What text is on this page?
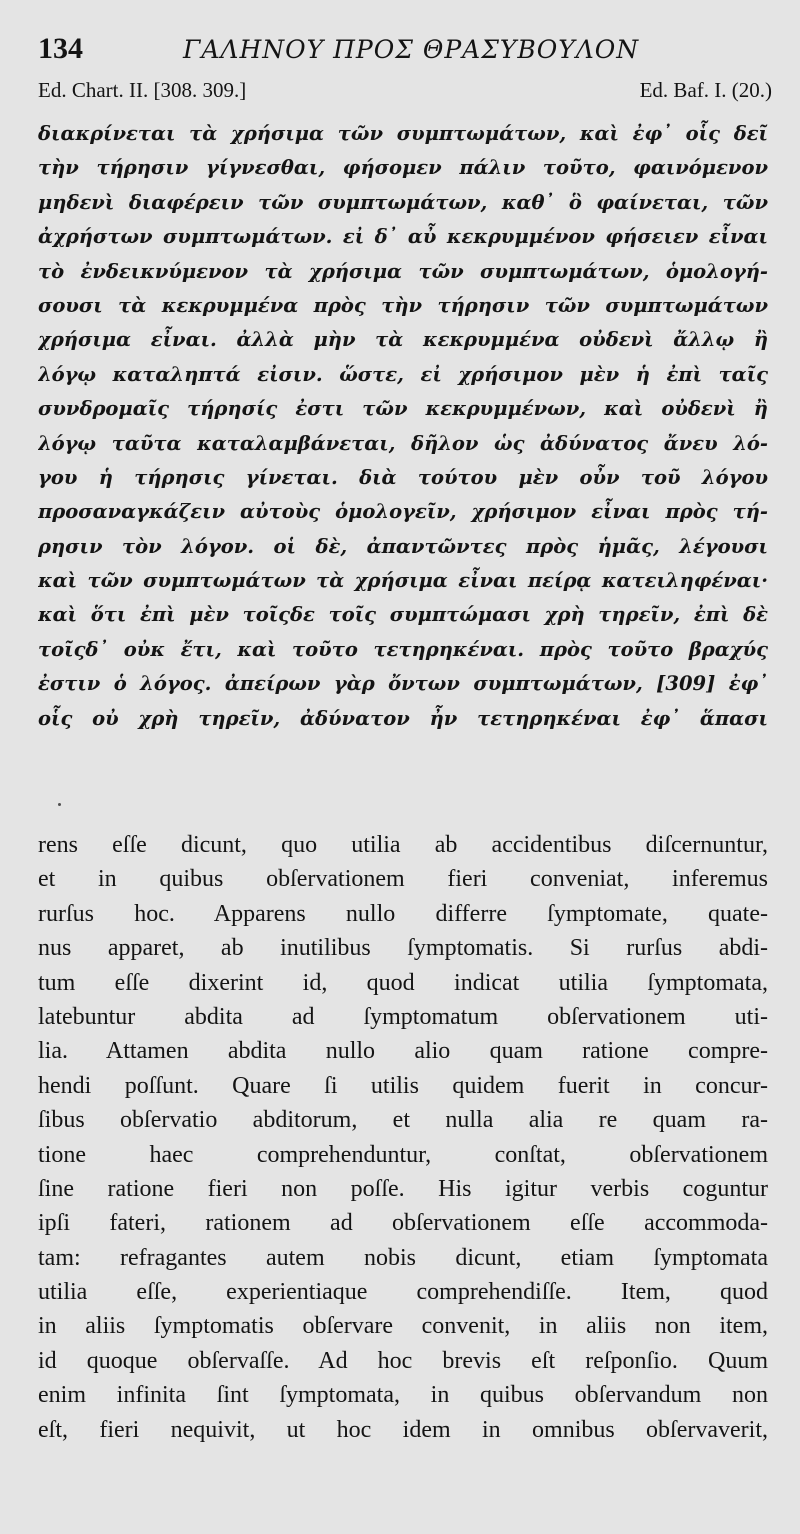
134	ΓΑΛΗΝΟΥ ΠΡΟΣ ΘΡΑΣΥΒΟΥΛΟΝ
Ed. Chart. II. [308. 309.]	Ed. Baf. I. (20.)
διακρίνεται τὰ χρήσιμα τῶν συμπτωμάτων, καὶ ἐφ᾽ οἷς δεῖ
τὴν τήρησιν γίγνεσθαι, φήσομεν πάλιν τοῦτο, φαινόμενον
μηδενὶ διαφέρειν τῶν συμπτωμάτων, καθ᾽ ὃ φαίνεται, τῶν
ἀχρήστων συμπτωμάτων. εἰ δ᾽ αὖ κεκρυμμένον φήσειεν εἶναι
τὸ ἐνδεικνύμενον τὰ χρήσιμα τῶν συμπτωμάτων, ὁμολογή-
σουσι τὰ κεκρυμμένα πρὸς τὴν τήρησιν τῶν συμπτωμάτων
χρήσιμα εἶναι. ἀλλὰ μὴν τὰ κεκρυμμένα οὐδενὶ ἄλλῳ ἢ
λόγῳ καταληπτά εἰσιν. ὥστε, εἰ χρήσιμον μὲν ἡ ἐπὶ ταῖς
συνδρομαῖς τήρησίς ἐστι τῶν κεκρυμμένων, καὶ οὐδενὶ ἢ
λόγῳ ταῦτα καταλαμβάνεται, δῆλον ὡς ἀδύνατος ἄνευ λό-
γου ἡ τήρησις γίνεται. διὰ τούτου μὲν οὖν τοῦ λόγου
προσαναγκάζειν αὐτοὺς ὁμολογεῖν, χρήσιμον εἶναι πρὸς τή-
ρησιν τὸν λόγον. οἱ δὲ, ἀπαντῶντες πρὸς ἡμᾶς, λέγουσι
καὶ τῶν συμπτωμάτων τὰ χρήσιμα εἶναι πείρᾳ κατειληφέναι·
καὶ ὅτι ἐπὶ μὲν τοῖςδε τοῖς συμπτώμασι χρὴ τηρεῖν, ἐπὶ δὲ
τοῖςδ᾽ οὐκ ἔτι, καὶ τοῦτο τετηρηκέναι. πρὸς τοῦτο βραχύς
ἐστιν ὁ λόγος. ἀπείρων γὰρ ὄντων συμπτωμάτων, [309] ἐφ᾽
οἷς οὐ χρὴ τηρεῖν, ἀδύνατον ἦν τετηρηκέναι ἐφ᾽ ἅπασι
rens eſſe dicunt, quo utilia ab accidentibus diſcernuntur,
et in quibus obſervationem fieri conveniat, inferemus
rurſus hoc. Apparens nullo differre ſymptomate, quate-
nus apparet, ab inutilibus ſymptomatis. Si rurſus abdi-
tum eſſe dixerint id, quod indicat utilia ſymptomata,
latebuntur abdita ad ſymptomatum obſervationem uti-
lia. Attamen abdita nullo alio quam ratione compre-
hendi poſſunt. Quare ſi utilis quidem fuerit in concur-
ſibus obſervatio abditorum, et nulla alia re quam ra-
tione haec comprehenduntur, conſtat, obſervationem
ſine ratione fieri non poſſe. His igitur verbis coguntur
ipſi fateri, rationem ad obſervationem eſſe accommoda-
tam: refragantes autem nobis dicunt, etiam ſymptomata
utilia eſſe, experientiaque comprehendiſſe. Item, quod
in aliis ſymptomatis obſervare convenit, in aliis non item,
id quoque obſervaſſe. Ad hoc brevis eſt reſponſio. Quum
enim infinita ſint ſymptomata, in quibus obſervandum non
eſt, fieri nequivit, ut hoc idem in omnibus obſervaverit,
